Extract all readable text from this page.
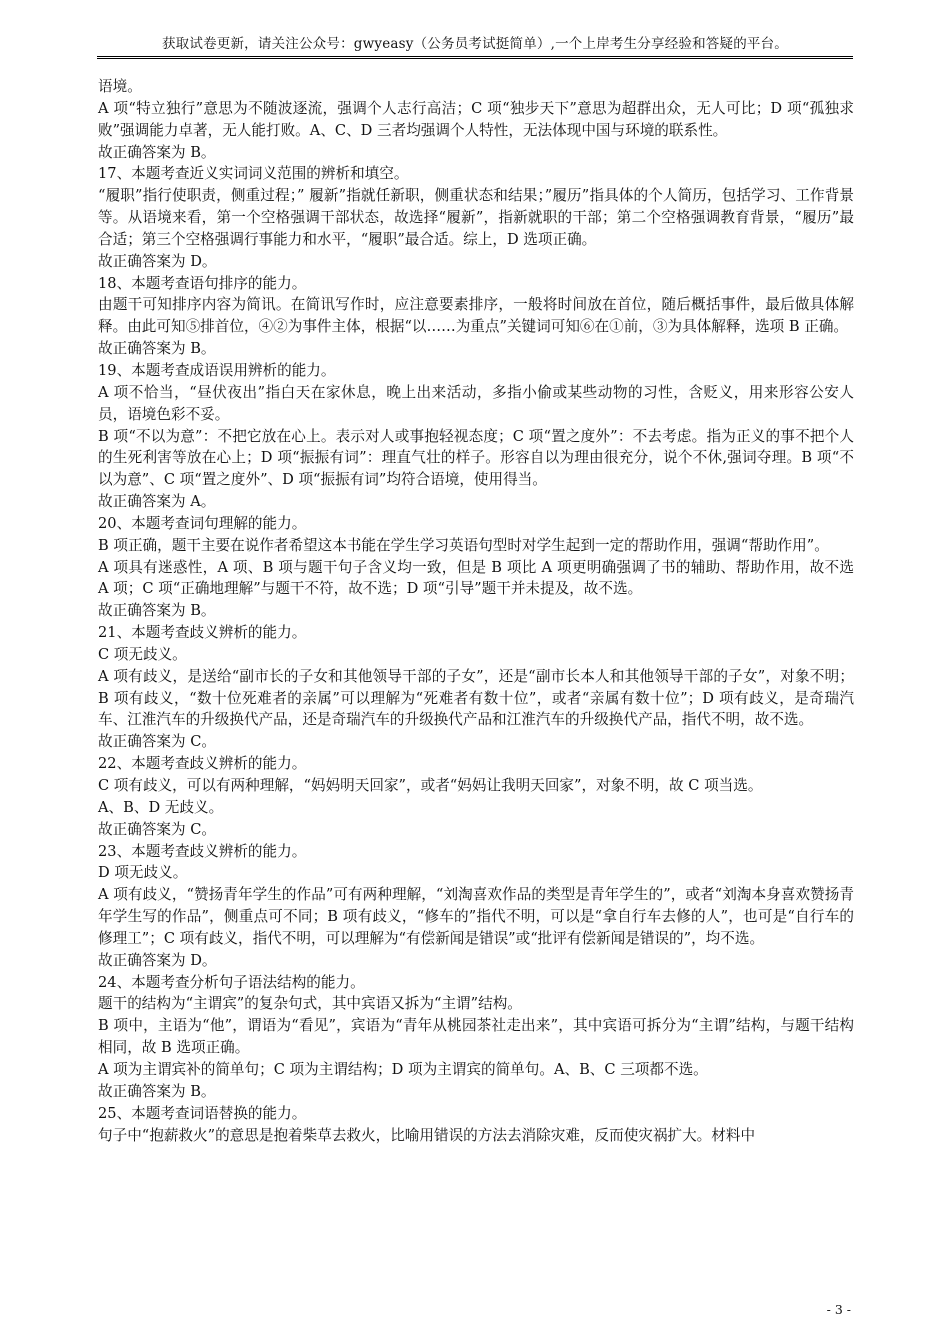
获取试卷更新，请关注公众号：gwyeasy（公务员考试挺简单）,一个上岸考生分享经验和答疑的平台。

语境。

A 项“特立独行”意思为不随波逐流，强调个人志行高洁；C 项“独步天下”意思为超群出众，无人可比；D 项“孤独求败”强调能力卓著，无人能打败。A、C、D 三者均强调个人特性，无法体现中国与环境的联系性。

故正确答案为 B。

17、本题考查近义实词词义范围的辨析和填空。

“履职”指行使职责，侧重过程；” 履新”指就任新职，侧重状态和结果；”履历”指具体的个人简历，包括学习、工作背景等。从语境来看，第一个空格强调干部状态，故选择“履新”，指新就职的干部；第二个空格强调教育背景，“履历”最合适；第三个空格强调行事能力和水平，“履职”最合适。综上，D 选项正确。

故正确答案为 D。

18、本题考查语句排序的能力。

由题干可知排序内容为简讯。在简讯写作时，应注意要素排序，一般将时间放在首位，随后概括事件，最后做具体解释。由此可知⑤排首位，④②为事件主体，根据“以……为重点”关键词可知⑥在①前，③为具体解释，选项 B 正确。

故正确答案为 B。

19、本题考查成语误用辨析的能力。

A 项不恰当，“昼伏夜出”指白天在家休息，晚上出来活动，多指小偷或某些动物的习性，含贬义，用来形容公安人员，语境色彩不妥。

B 项“不以为意”：不把它放在心上。表示对人或事抱轻视态度；C 项“置之度外”：不去考虑。指为正义的事不把个人的生死利害等放在心上；D 项“振振有词”：理直气壮的样子。形容自以为理由很充分，说个不休,强词夺理。B 项“不以为意”、C 项“置之度外”、D 项“振振有词”均符合语境，使用得当。

故正确答案为 A。

20、本题考查词句理解的能力。

B 项正确，题干主要在说作者希望这本书能在学生学习英语句型时对学生起到一定的帮助作用，强调“帮助作用”。

A 项具有迷惑性，A 项、B 项与题干句子含义均一致，但是 B 项比 A 项更明确强调了书的辅助、帮助作用，故不选 A 项；C 项“正确地理解”与题干不符，故不选；D 项“引导”题干并未提及，故不选。

故正确答案为 B。

21、本题考查歧义辨析的能力。

C 项无歧义。

A 项有歧义，是送给“副市长的子女和其他领导干部的子女”，还是“副市长本人和其他领导干部的子女”，对象不明；B 项有歧义，“数十位死难者的亲属”可以理解为“死难者有数十位”，或者“亲属有数十位”；D 项有歧义，是奇瑞汽车、江淮汽车的升级换代产品，还是奇瑞汽车的升级换代产品和江淮汽车的升级换代产品，指代不明，故不选。

故正确答案为 C。

22、本题考查歧义辨析的能力。

C 项有歧义，可以有两种理解，“妈妈明天回家”，或者“妈妈让我明天回家”，对象不明，故 C 项当选。

A、B、D 无歧义。

故正确答案为 C。

23、本题考查歧义辨析的能力。

D 项无歧义。

A 项有歧义，“赞扬青年学生的作品”可有两种理解，“刘淘喜欢作品的类型是青年学生的”，或者“刘淘本身喜欢赞扬青年学生写的作品”，侧重点可不同；B 项有歧义，“修车的”指代不明，可以是“拿自行车去修的人”，也可是“自行车的修理工”；C 项有歧义，指代不明，可以理解为“有偿新闻是错误”或“批评有偿新闻是错误的”，均不选。

故正确答案为 D。

24、本题考查分析句子语法结构的能力。

题干的结构为“主谓宾”的复杂句式，其中宾语又拆为“主谓”结构。

B 项中，主语为“他”，谓语为“看见”，宾语为“青年从桃园茶社走出来”，其中宾语可拆分为“主谓”结构，与题干结构相同，故 B 选项正确。

A 项为主谓宾补的简单句；C 项为主谓结构；D 项为主谓宾的简单句。A、B、C 三项都不选。

故正确答案为 B。

25、本题考查词语替换的能力。

句子中“抱薪救火”的意思是抱着柴草去救火，比喻用错误的方法去消除灾难，反而使灾祸扩大。材料中

- 3 -
